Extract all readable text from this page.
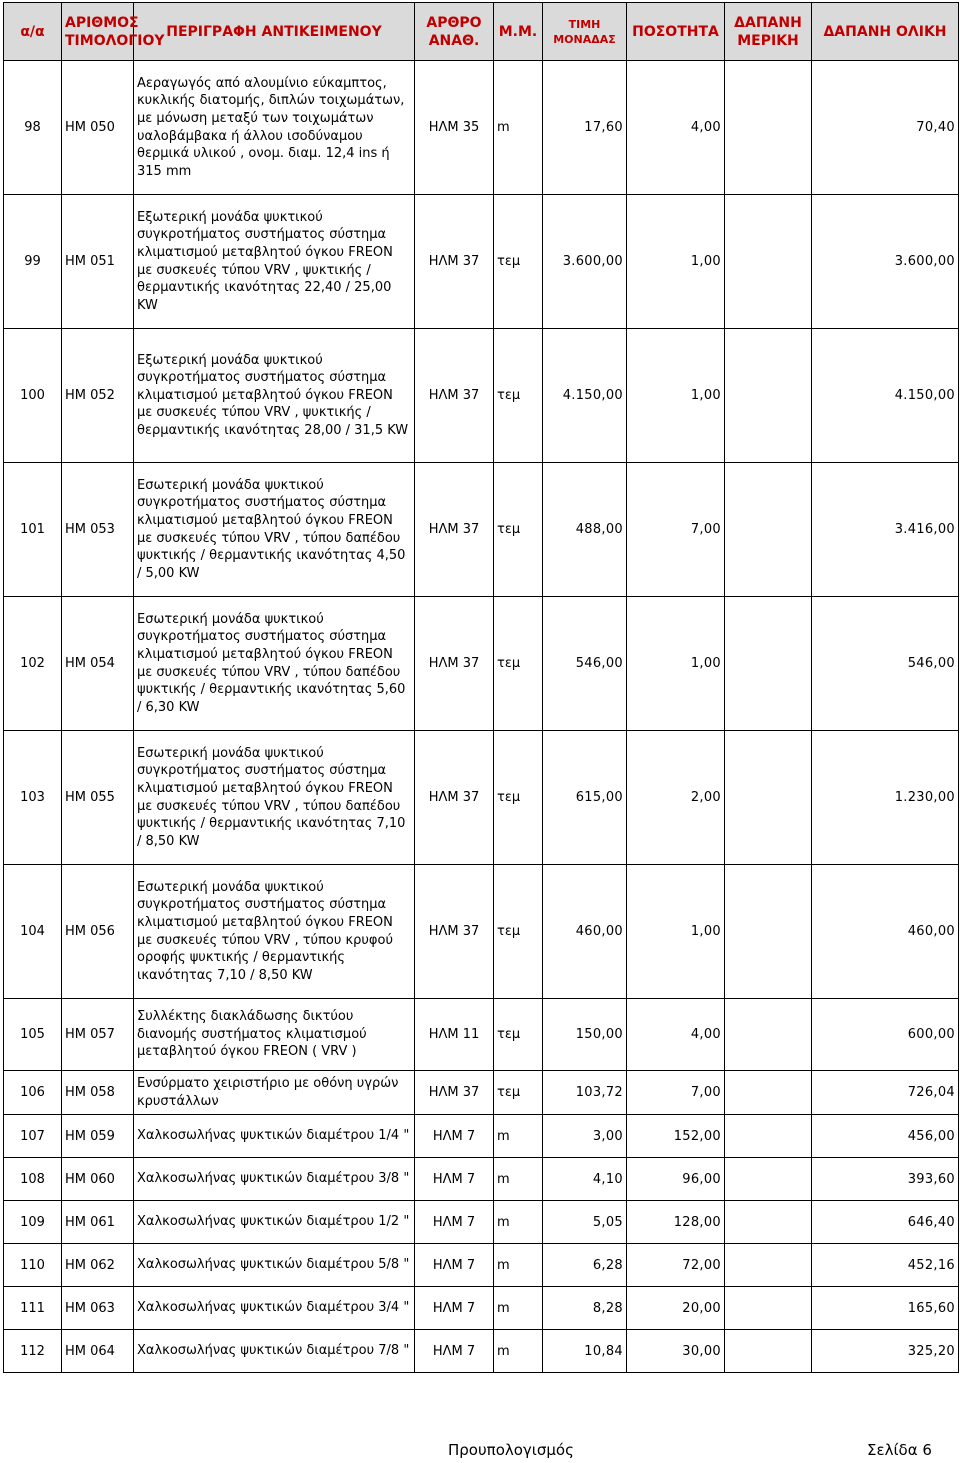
α/α	ΑΡΙΘΜΟΣ ΤΙΜΟΛΟΓΙΟΥ	ΠΕΡΙΓΡΑΦΗ ΑΝΤΙΚΕΙΜΕΝΟΥ	ΑΡΘΡΟ ΑΝΑΘ.	Μ.Μ.	ΤΙΜΗ ΜΟΝΑΔΑΣ	ΠΟΣΟΤΗΤΑ	ΔΑΠΑΝΗ ΜΕΡΙΚΗ	ΔΑΠΑΝΗ ΟΛΙΚΗ
98	ΗΜ 050	Αεραγωγός από αλουμίνιο εύκαμπτος, κυκλικής διατομής, διπλών τοιχωμάτων, με μόνωση μεταξύ των τοιχωμάτων υαλοβάμβακα ή άλλου ισοδύναμου θερμικά υλικού , ονομ. διαμ. 12,4 ins ή 315 mm	ΗΛΜ 35	m	17,60	4,00		70,40
99	ΗΜ 051	Εξωτερική μονάδα ψυκτικού συγκροτήματος συστήματος σύστημα κλιματισμού μεταβλητού όγκου FREON με συσκευές τύπου VRV , ψυκτικής / θερμαντικής ικανότητας 22,40 / 25,00 KW	ΗΛΜ 37	τεμ	3.600,00	1,00		3.600,00
100	ΗΜ 052	Εξωτερική μονάδα ψυκτικού συγκροτήματος συστήματος σύστημα κλιματισμού μεταβλητού όγκου FREON με συσκευές τύπου VRV , ψυκτικής / θερμαντικής ικανότητας 28,00 / 31,5 KW	ΗΛΜ 37	τεμ	4.150,00	1,00		4.150,00
101	ΗΜ 053	Εσωτερική μονάδα ψυκτικού συγκροτήματος συστήματος σύστημα κλιματισμού μεταβλητού όγκου FREON με συσκευές τύπου VRV , τύπου δαπέδου ψυκτικής / θερμαντικής ικανότητας 4,50 / 5,00 KW	ΗΛΜ 37	τεμ	488,00	7,00		3.416,00
102	ΗΜ 054	Εσωτερική μονάδα ψυκτικού συγκροτήματος συστήματος σύστημα κλιματισμού μεταβλητού όγκου FREON με συσκευές τύπου VRV , τύπου δαπέδου ψυκτικής / θερμαντικής ικανότητας 5,60 / 6,30 KW	ΗΛΜ 37	τεμ	546,00	1,00		546,00
103	ΗΜ 055	Εσωτερική μονάδα ψυκτικού συγκροτήματος συστήματος σύστημα κλιματισμού μεταβλητού όγκου FREON με συσκευές τύπου VRV , τύπου δαπέδου ψυκτικής / θερμαντικής ικανότητας 7,10 / 8,50 KW	ΗΛΜ 37	τεμ	615,00	2,00		1.230,00
104	ΗΜ 056	Εσωτερική μονάδα ψυκτικού συγκροτήματος συστήματος σύστημα κλιματισμού μεταβλητού όγκου FREON με συσκευές τύπου VRV , τύπου κρυφού οροφής ψυκτικής / θερμαντικής ικανότητας 7,10 / 8,50 KW	ΗΛΜ 37	τεμ	460,00	1,00		460,00
105	ΗΜ 057	Συλλέκτης διακλάδωσης δικτύου διανομής συστήματος κλιματισμού μεταβλητού όγκου FREON ( VRV )	ΗΛΜ 11	τεμ	150,00	4,00		600,00
106	ΗΜ 058	Ενσύρματο χειριστήριο με οθόνη υγρών κρυστάλλων	ΗΛΜ 37	τεμ	103,72	7,00		726,04
107	ΗΜ 059	Χαλκοσωλήνας ψυκτικών διαμέτρου 1/4 "	ΗΛΜ 7	m	3,00	152,00		456,00
108	ΗΜ 060	Χαλκοσωλήνας ψυκτικών διαμέτρου 3/8 "	ΗΛΜ 7	m	4,10	96,00		393,60
109	ΗΜ 061	Χαλκοσωλήνας ψυκτικών διαμέτρου 1/2 "	ΗΛΜ 7	m	5,05	128,00		646,40
110	ΗΜ 062	Χαλκοσωλήνας ψυκτικών διαμέτρου 5/8 "	ΗΛΜ 7	m	6,28	72,00		452,16
111	ΗΜ 063	Χαλκοσωλήνας ψυκτικών διαμέτρου 3/4 "	ΗΛΜ 7	m	8,28	20,00		165,60
112	ΗΜ 064	Χαλκοσωλήνας ψυκτικών διαμέτρου 7/8 "	ΗΛΜ 7	m	10,84	30,00		325,20
Προυπολογισμός	Σελίδα 6
